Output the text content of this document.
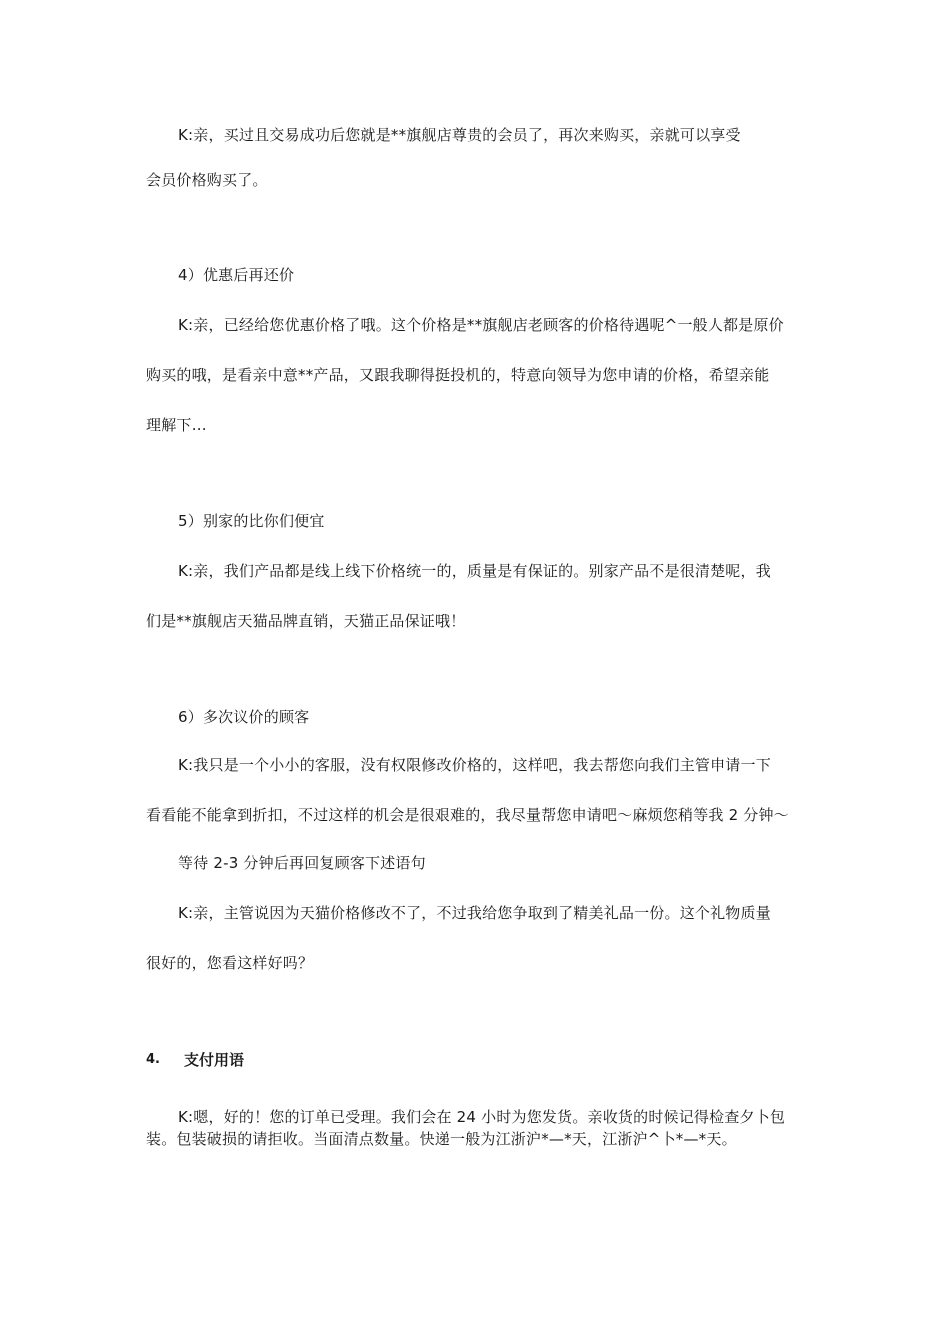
K:亲，买过且交易成功后您就是**旗舰店尊贵的会员了，再次来购买，亲就可以享受
会员价格购买了。
4）优惠后再还价
K:亲，已经给您优惠价格了哦。这个价格是**旗舰店老顾客的价格待遇呢^一般人都是原价
购买的哦，是看亲中意**产品，又跟我聊得挺投机的，特意向领导为您申请的价格，希望亲能
理解下…
5）别家的比你们便宜
K:亲，我们产品都是线上线下价格统一的，质量是有保证的。别家产品不是很清楚呢，我
们是**旗舰店天猫品牌直销，天猫正品保证哦！
6）多次议价的顾客
K:我只是一个小小的客服，没有权限修改价格的，这样吧，我去帮您向我们主管申请一下
看看能不能拿到折扣，不过这样的机会是很艰难的，我尽量帮您申请吧〜麻烦您稍等我 2 分钟〜
等待 2-3 分钟后再回复顾客下述语句
K:亲，主管说因为天猫价格修改不了，不过我给您争取到了精美礼品一份。这个礼物质量
很好的，您看这样好吗？
4. 支付用语
K:嗯，好的！您的订单已受理。我们会在 24 小时为您发货。亲收货的时候记得检查夕卜包
装。包装破损的请拒收。当面清点数量。快递一般为江浙沪*—*天，江浙沪^卜*—*天。
